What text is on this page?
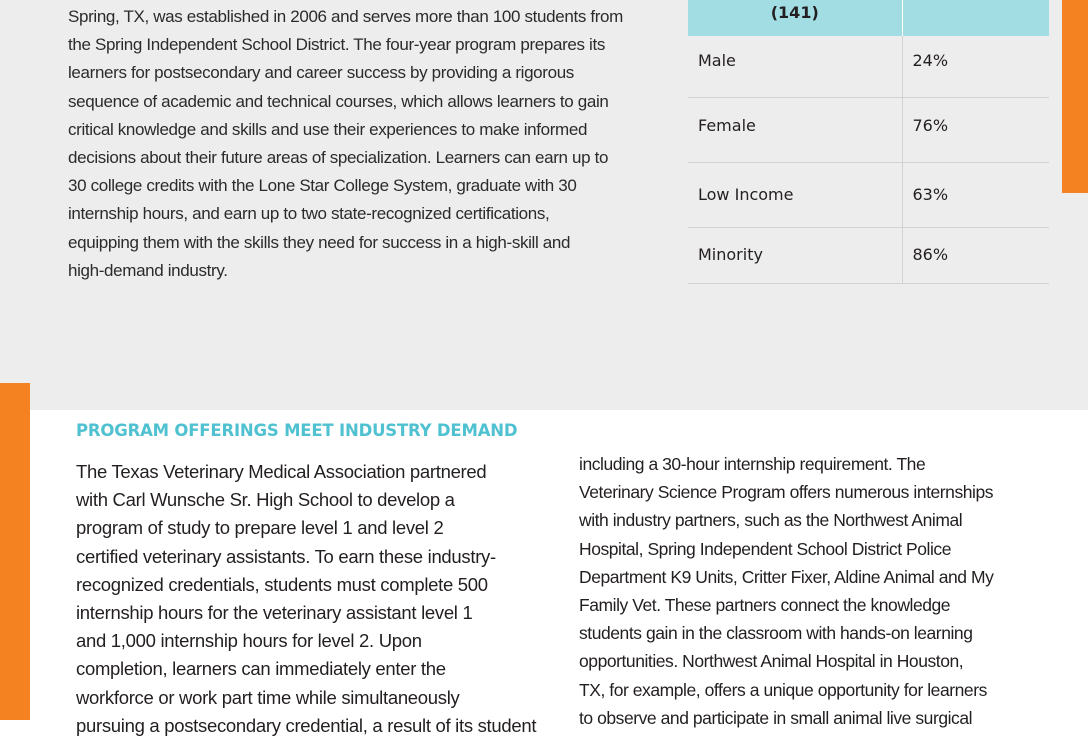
Spring, TX, was established in 2006 and serves more than 100 students from

the Spring Independent School District. The four-year program prepares its

learners for postsecondary and career success by providing a rigorous

sequence of academic and technical courses, which allows learners to gain

critical knowledge and skills and use their experiences to make informed

decisions about their future areas of specialization. Learners can earn up to

30 college credits with the Lone Star College System, graduate with 30

internship hours, and earn up to two state-recognized certifications,

equipping them with the skills they need for success in a high-skill and

high-demand industry.

(141)	
Male	24%
Female	76%
Low Income	63%
Minority	86%
PROGRAM OFFERINGS MEET INDUSTRY DEMAND

The Texas Veterinary Medical Association partnered

with Carl Wunsche Sr. High School to develop a

program of study to prepare level 1 and level 2

certified veterinary assistants. To earn these industry-

recognized credentials, students must complete 500

internship hours for the veterinary assistant level 1

and 1,000 internship hours for level 2. Upon

completion, learners can immediately enter the

workforce or work part time while simultaneously

pursuing a postsecondary credential, a result of its student

including a 30-hour internship requirement. The

Veterinary Science Program offers numerous internships

with industry partners, such as the Northwest Animal

Hospital, Spring Independent School District Police

Department K9 Units, Critter Fixer, Aldine Animal and My

Family Vet. These partners connect the knowledge

students gain in the classroom with hands-on learning

opportunities. Northwest Animal Hospital in Houston,

TX, for example, offers a unique opportunity for learners

to observe and participate in small animal live surgical
